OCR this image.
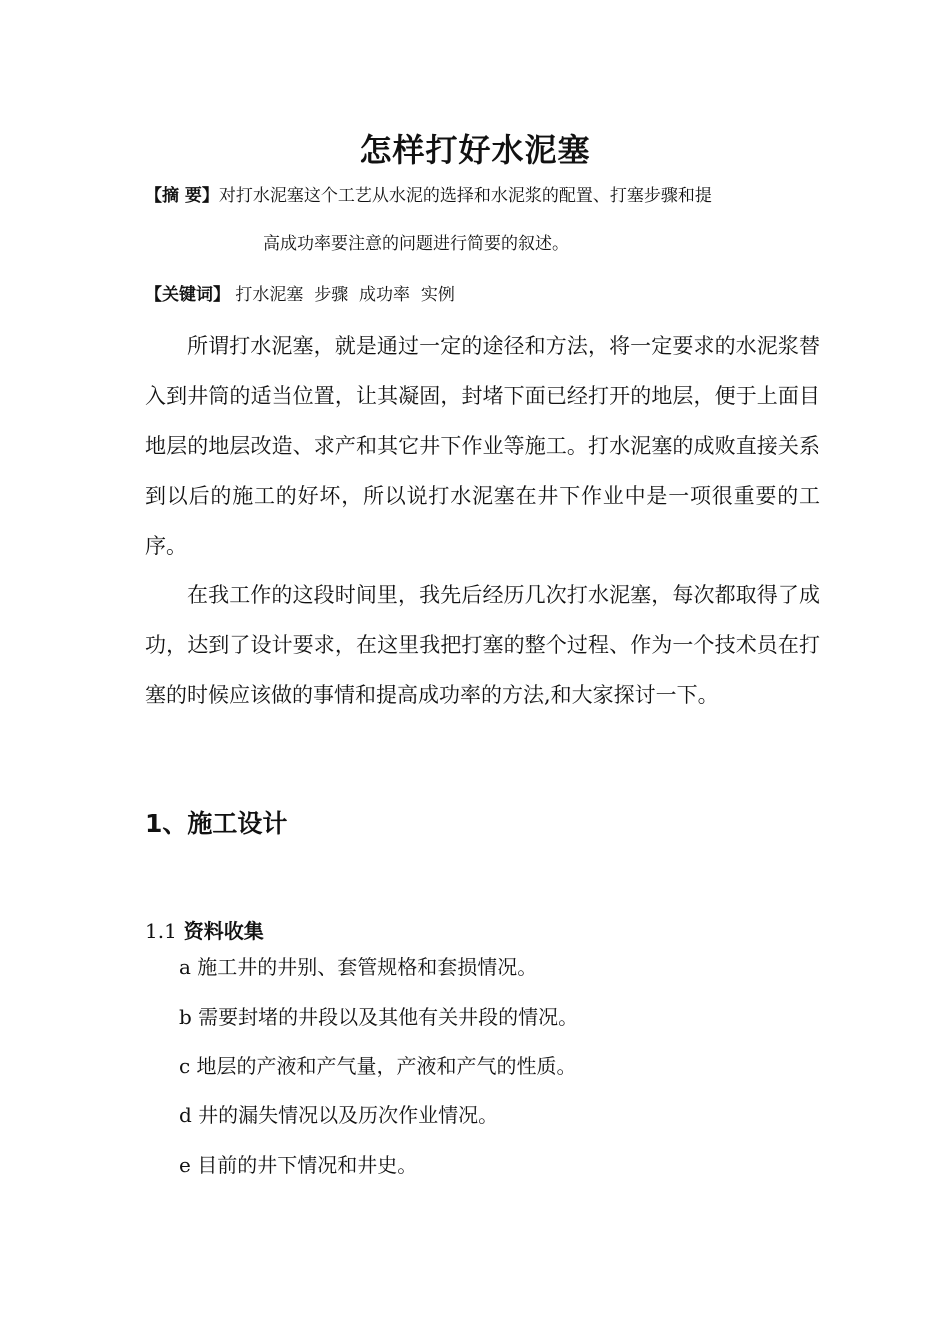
怎样打好水泥塞
【摘 要】对打水泥塞这个工艺从水泥的选择和水泥浆的配置、打塞步骤和提
高成功率要注意的问题进行简要的叙述。
【关键词】 打水泥塞  步骤  成功率  实例
所谓打水泥塞，就是通过一定的途径和方法，将一定要求的水泥浆替入到井筒的适当位置，让其凝固，封堵下面已经打开的地层，便于上面目地层的地层改造、求产和其它井下作业等施工。打水泥塞的成败直接关系到以后的施工的好坏，所以说打水泥塞在井下作业中是一项很重要的工序。
在我工作的这段时间里，我先后经历几次打水泥塞，每次都取得了成功，达到了设计要求，在这里我把打塞的整个过程、作为一个技术员在打塞的时候应该做的事情和提高成功率的方法,和大家探讨一下。
1、施工设计
1.1 资料收集
a 施工井的井别、套管规格和套损情况。
b 需要封堵的井段以及其他有关井段的情况。
c 地层的产液和产气量，产液和产气的性质。
d 井的漏失情况以及历次作业情况。
e 目前的井下情况和井史。
